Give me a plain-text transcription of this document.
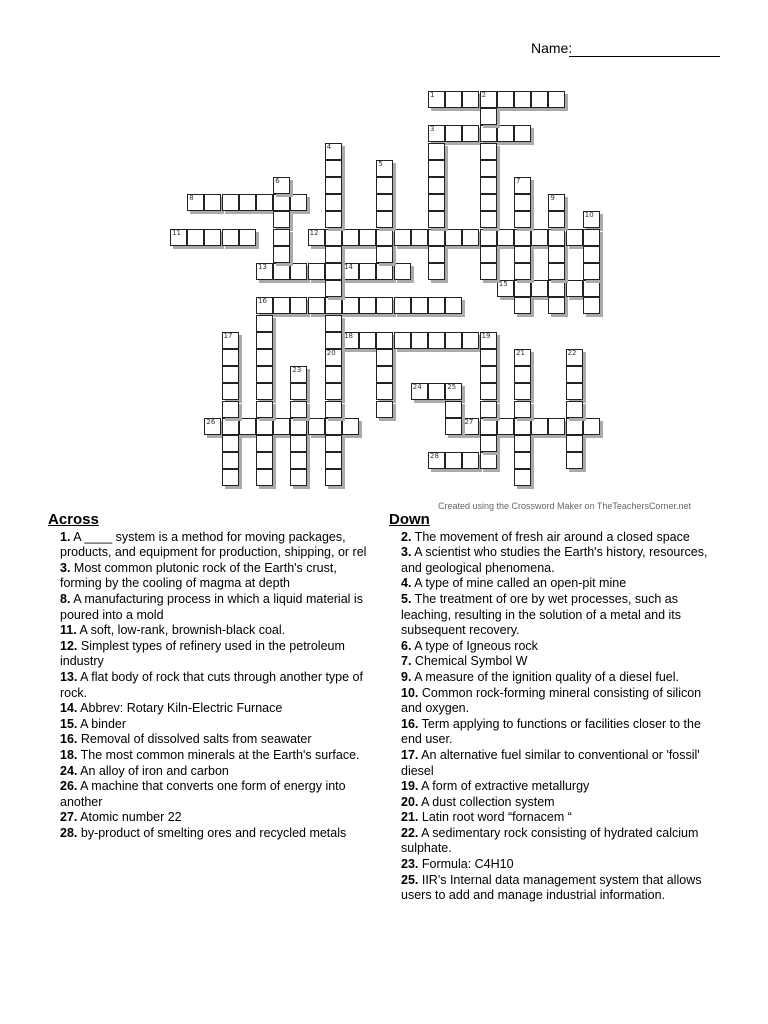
Name:
1	2
3
8
11	12
13	14
15
16
18	19
24	25
26	27
28
4
5
6	7
9
10
17
20	21	22
23
Created using the Crossword Maker on TheTeachersCorner.net
Across
1. A ____ system is a method for moving packages, products, and equipment for production, shipping, or rel
3. Most common plutonic rock of the Earth's crust, forming by the cooling of magma at depth
8. A manufacturing process in which a liquid material is poured into a mold
11. A soft, low-rank, brownish-black coal.
12. Simplest types of refinery used in the petroleum industry
13. A flat body of rock that cuts through another type of rock.
14. Abbrev: Rotary Kiln-Electric Furnace
15. A binder
16. Removal of dissolved salts from seawater
18. The most common minerals at the Earth's surface.
24. An alloy of iron and carbon
26. A machine that converts one form of energy into another
27. Atomic number 22
28. by-product of smelting ores and recycled metals
Down
2. The movement of fresh air around a closed space
3. A scientist who studies the Earth's history, resources, and geological phenomena.
4. A type of mine called an open-pit mine
5. The treatment of ore by wet processes, such as leaching, resulting in the solution of a metal and its subsequent recovery.
6. A type of Igneous rock
7. Chemical Symbol W
9. A measure of the ignition quality of a diesel fuel.
10. Common rock-forming mineral consisting of silicon and oxygen.
16. Term applying to functions or facilities closer to the end user.
17. An alternative fuel similar to conventional or 'fossil' diesel
19. A form of extractive metallurgy
20. A dust collection system
21. Latin root word “fornacem “
22. A sedimentary rock consisting of hydrated calcium sulphate.
23. Formula: C4H10
25. IIR's Internal data management system that allows users to add and manage industrial information.
